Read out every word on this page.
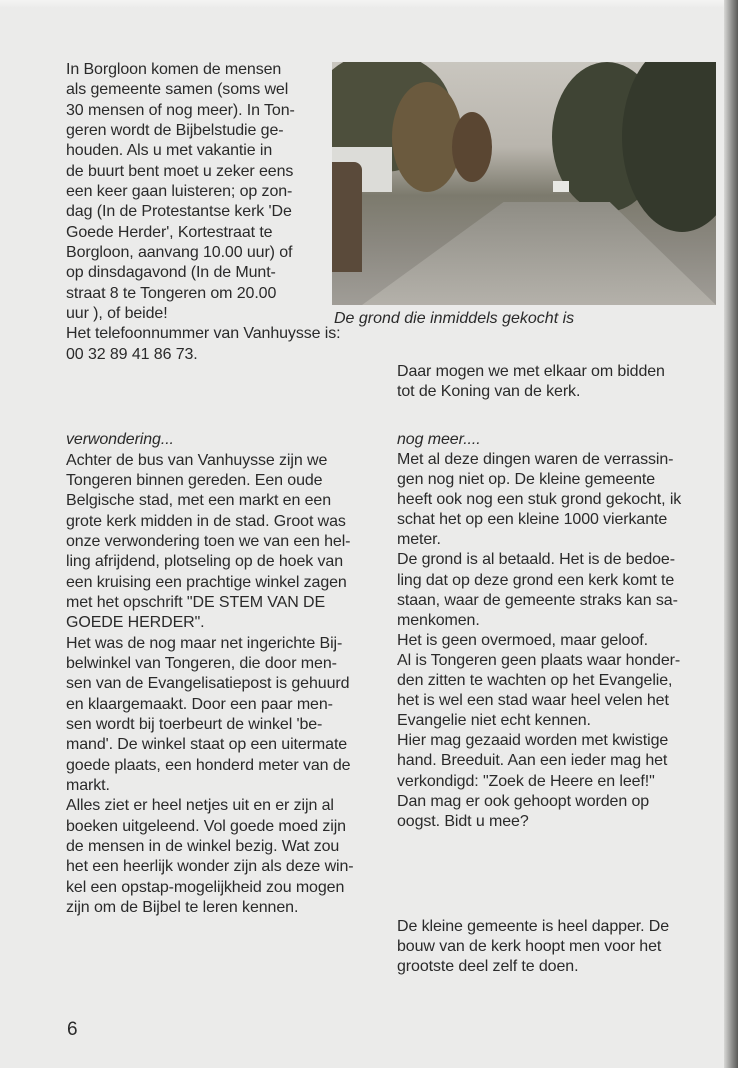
In Borgloon komen de mensen
als gemeente samen (soms wel
30 mensen of nog meer). In Ton-
geren wordt de Bijbelstudie ge-
houden. Als u met vakantie in
de buurt bent moet u zeker eens
een keer gaan luisteren; op zon-
dag (In de Protestantse kerk 'De
Goede Herder', Kortestraat te
Borgloon, aanvang 10.00 uur) of
op dinsdagavond (In de Munt-
straat 8 te Tongeren om 20.00
uur ), of beide!
Het telefoonnummer van Vanhuysse is:
00 32 89 41 86 73.
verwondering...
Achter de bus van Vanhuysse zijn we
Tongeren binnen gereden. Een oude
Belgische stad, met een markt en een
grote kerk midden in de stad. Groot was
onze verwondering toen we van een hel-
ling afrijdend, plotseling op de hoek van
een kruising een prachtige winkel zagen
met het opschrift "DE STEM VAN DE
GOEDE HERDER".
Het was de nog maar net ingerichte Bij-
belwinkel van Tongeren, die door men-
sen van de Evangelisatiepost is gehuurd
en klaargemaakt. Door een paar men-
sen wordt bij toerbeurt de winkel 'be-
mand'. De winkel staat op een uitermate
goede plaats, een honderd meter van de
markt.
Alles ziet er heel netjes uit en er zijn al
boeken uitgeleend. Vol goede moed zijn
de mensen in de winkel bezig. Wat zou
het een heerlijk wonder zijn als deze win-
kel een opstap-mogelijkheid zou mogen
zijn om de Bijbel te leren kennen.
De grond die inmiddels gekocht is
Daar mogen we met elkaar om bidden
tot de Koning van de kerk.
nog meer....
Met al deze dingen waren de verrassin-
gen nog niet op. De kleine gemeente
heeft ook nog een stuk grond gekocht, ik
schat het op een kleine 1000 vierkante
meter.
De grond is al betaald. Het is de bedoe-
ling dat op deze grond een kerk komt te
staan, waar de gemeente straks kan sa-
menkomen.
Het is geen overmoed, maar geloof.
Al is Tongeren geen plaats waar honder-
den zitten te wachten op het Evangelie,
het is wel een stad waar heel velen het
Evangelie niet echt kennen.
Hier mag gezaaid worden met kwistige
hand. Breeduit. Aan een ieder mag het
verkondigd: "Zoek de Heere en leef!"
Dan mag er ook gehoopt worden op
oogst. Bidt u mee?
De kleine gemeente is heel dapper. De
bouw van de kerk hoopt men voor het
grootste deel zelf te doen.
6
